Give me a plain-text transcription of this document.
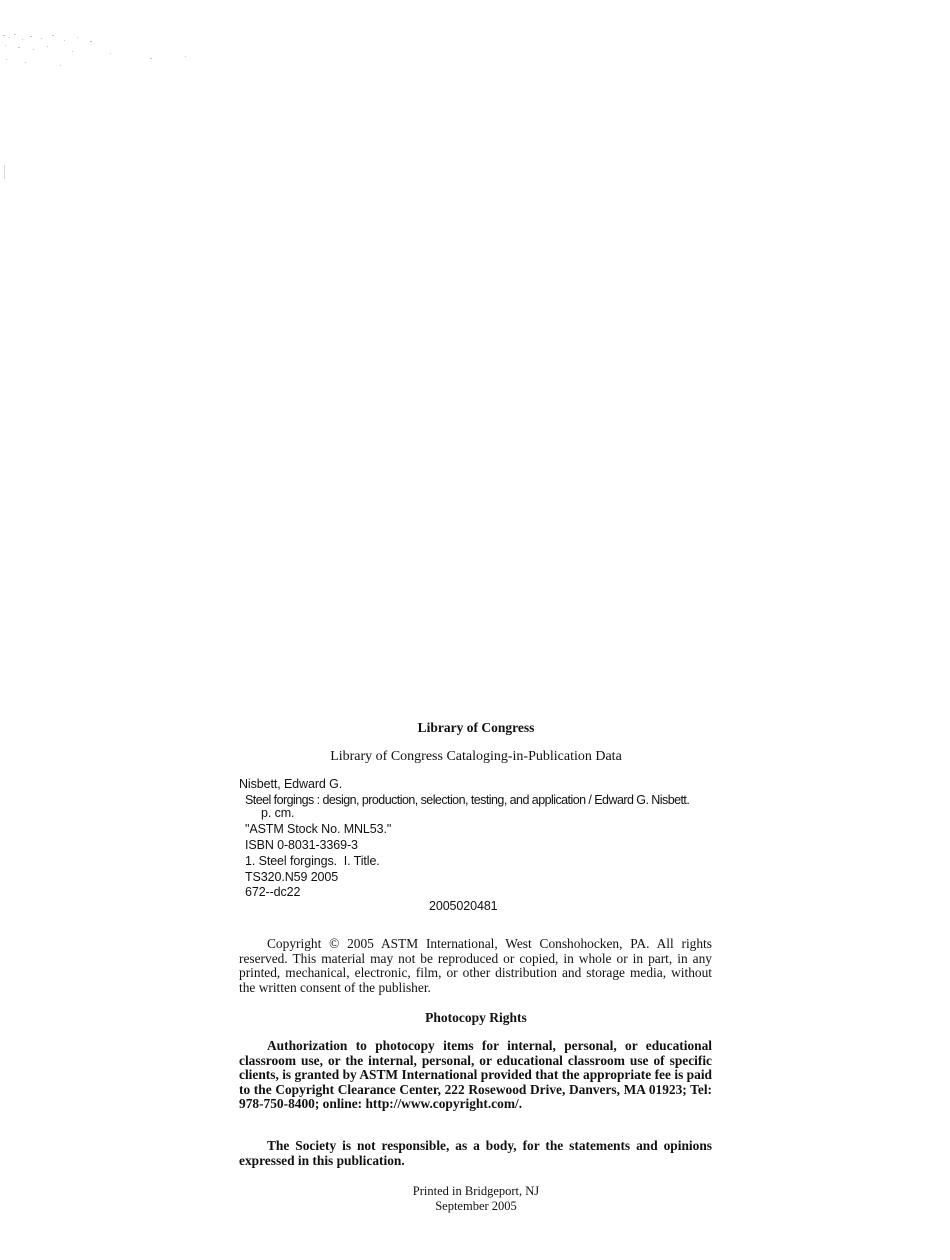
Library of Congress
Library of Congress Cataloging-in-Publication Data
Nisbett, Edward G.
Steel forgings : design, production, selection, testing, and application / Edward G. Nisbett.
p. cm.
"ASTM Stock No. MNL53."
ISBN 0-8031-3369-3
1. Steel forgings.  I. Title.
TS320.N59 2005
672--dc22
2005020481

Copyright © 2005 ASTM International, West Conshohocken, PA. All rights reserved. This material may not be reproduced or copied, in whole or in part, in any printed, mechanical, electronic, film, or other distribution and storage media, without the written consent of the publisher.

Photocopy Rights

Authorization to photocopy items for internal, personal, or educational classroom use, or the internal, personal, or educational classroom use of specific clients, is granted by ASTM International provided that the appropriate fee is paid to the Copyright Clearance Center, 222 Rosewood Drive, Danvers, MA 01923; Tel: 978-750-8400; online: http://www.copyright.com/.

The Society is not responsible, as a body, for the statements and opinions expressed in this publication.

Printed in Bridgeport, NJ
September 2005
